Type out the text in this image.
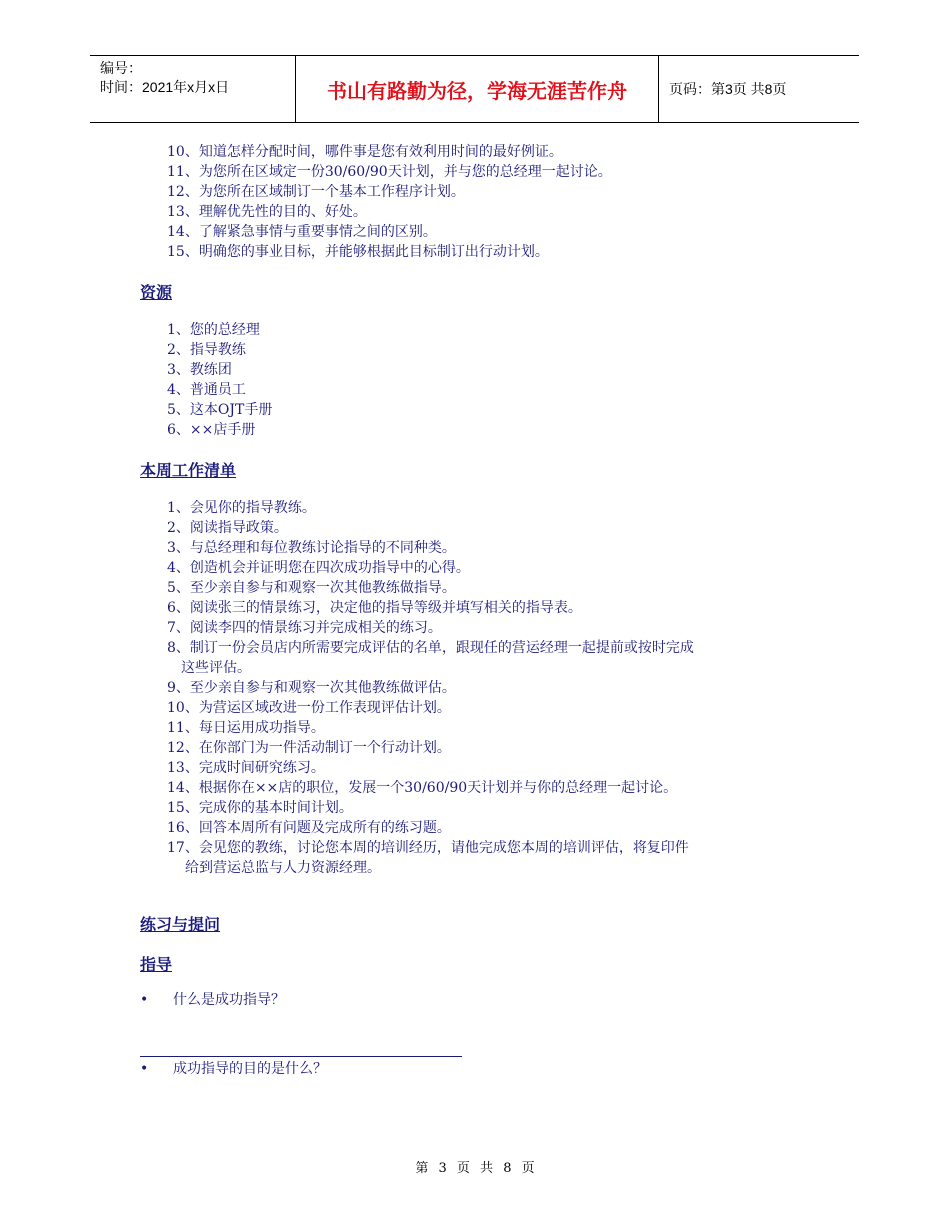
编号：
时间：2021年x月x日	书山有路勤为径，学海无涯苦作舟	页码：第3页 共8页
10、知道怎样分配时间，哪件事是您有效利用时间的最好例证。
11、为您所在区域定一份30/60/90天计划，并与您的总经理一起讨论。
12、为您所在区域制订一个基本工作程序计划。
13、理解优先性的目的、好处。
14、了解紧急事情与重要事情之间的区别。
15、明确您的事业目标，并能够根据此目标制订出行动计划。
资源
1、您的总经理
2、指导教练
3、教练团
4、普通员工
5、这本OJT手册
6、××店手册
本周工作清单
1、会见你的指导教练。
2、阅读指导政策。
3、与总经理和每位教练讨论指导的不同种类。
4、创造机会并证明您在四次成功指导中的心得。
5、至少亲自参与和观察一次其他教练做指导。
6、阅读张三的情景练习，决定他的指导等级并填写相关的指导表。
7、阅读李四的情景练习并完成相关的练习。
8、制订一份会员店内所需要完成评估的名单，跟现任的营运经理一起提前或按时完成
这些评估。
9、至少亲自参与和观察一次其他教练做评估。
10、为营运区域改进一份工作表现评估计划。
11、每日运用成功指导。
12、在你部门为一件活动制订一个行动计划。
13、完成时间研究练习。
14、根据你在××店的职位，发展一个30/60/90天计划并与你的总经理一起讨论。
15、完成你的基本时间计划。
16、回答本周所有问题及完成所有的练习题。
17、会见您的教练，讨论您本周的培训经历，请他完成您本周的培训评估，将复印件
给到营运总监与人力资源经理。
练习与提问
指导
• 什么是成功指导？
• 成功指导的目的是什么？
第 3 页 共 8 页
